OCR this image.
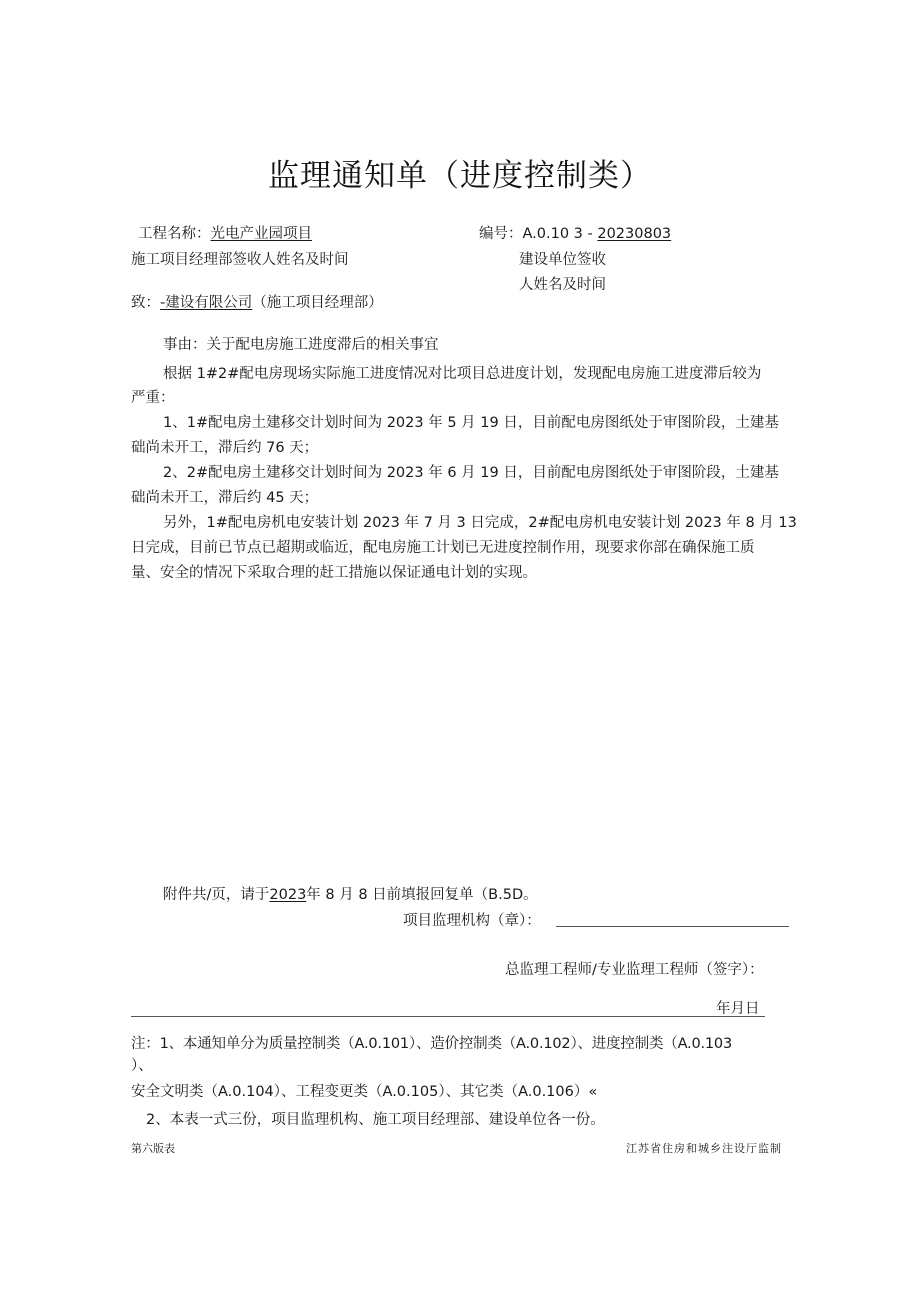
监理通知单（进度控制类）
工程名称：光电产业园项目	编号：A.0.10 3 - 20230803
施工项目经理部签收人姓名及时间	建设单位签收
人姓名及时间
致：-建设有限公司（施工项目经理部）
事由：关于配电房施工进度滞后的相关事宜
根据 1#2#配电房现场实际施工进度情况对比项目总进度计划，发现配电房施工进度滞后较为
严重：
1、1#配电房土建移交计划时间为 2023 年 5 月 19 日，目前配电房图纸处于审图阶段，土建基
础尚未开工，滞后约 76 天；
2、2#配电房土建移交计划时间为 2023 年 6 月 19 日，目前配电房图纸处于审图阶段，土建基
础尚未开工，滞后约 45 天；
另外，1#配电房机电安装计划 2023 年 7 月 3 日完成，2#配电房机电安装计划 2023 年 8 月 13
日完成，目前已节点已超期或临近，配电房施工计划已无进度控制作用，现要求你部在确保施工质
量、安全的情况下采取合理的赶工措施以保证通电计划的实现。
附件共/页，请于2023年 8 月 8 日前填报回复单（B.5D。
项目监理机构（章）：
总监理工程师/专业监理工程师（签字）：
年月日
注：1、本通知单分为质量控制类（A.0.101）、造价控制类（A.0.102）、进度控制类（A.0.103
）、
安全文明类（A.0.104）、工程变更类（A.0.105）、其它类（A.0.106）«
2、本表一式三份，项目监理机构、施工项目经理部、建设单位各一份。
第六版表	江苏省住房和城乡注设厅监制
